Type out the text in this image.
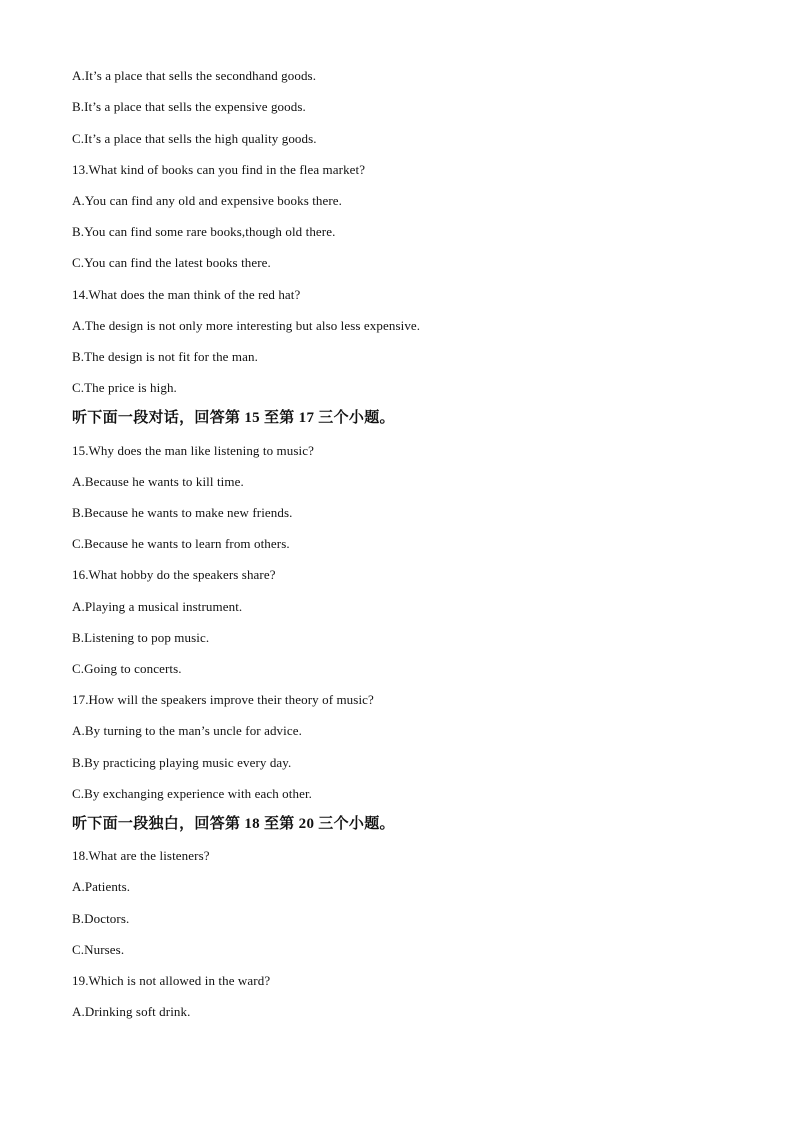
A.It’s a place that sells the secondhand goods.
B.It’s a place that sells the expensive goods.
C.It’s a place that sells the high quality goods.
13.What kind of books can you find in the flea market?
A.You can find any old and expensive books there.
B.You can find some rare books,though old there.
C.You can find the latest books there.
14.What does the man think of the red hat?
A.The design is not only more interesting but also less expensive.
B.The design is not fit for the man.
C.The price is high.
听下面一段对话，回答第 15 至第 17 三个小题。
15.Why does the man like listening to music?
A.Because he wants to kill time.
B.Because he wants to make new friends.
C.Because he wants to learn from others.
16.What hobby do the speakers share?
A.Playing a musical instrument.
B.Listening to pop music.
C.Going to concerts.
17.How will the speakers improve their theory of music?
A.By turning to the man’s uncle for advice.
B.By practicing playing music every day.
C.By exchanging experience with each other.
听下面一段独白，回答第 18 至第 20 三个小题。
18.What are the listeners?
A.Patients.
B.Doctors.
C.Nurses.
19.Which is not allowed in the ward?
A.Drinking soft drink.
